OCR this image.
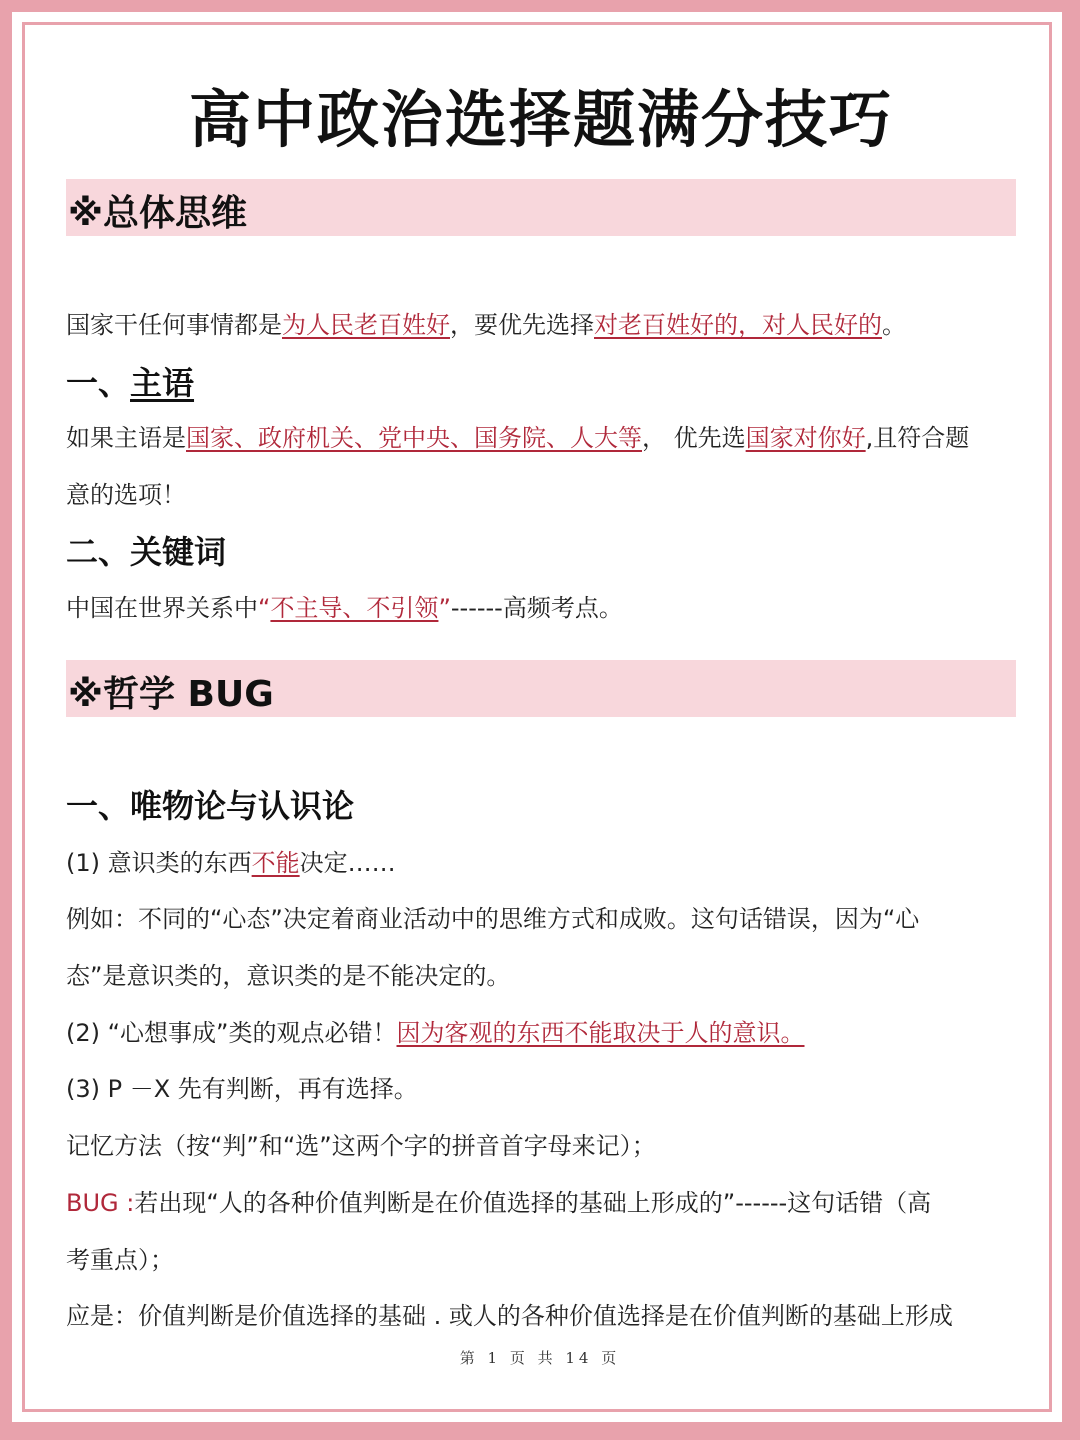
高中政治选择题满分技巧
※总体思维
国家干任何事情都是为人民老百姓好，要优先选择对老百姓好的，对人民好的。
一、主语
如果主语是国家、政府机关、党中央、国务院、人大等， 优先选国家对你好,且符合题
意的选项！
二、关键词
中国在世界关系中“不主导、不引领”------高频考点。
※哲学 BUG
一、唯物论与认识论
(1) 意识类的东西不能决定……
例如：不同的“心态”决定着商业活动中的思维方式和成败。这句话错误，因为“心
态”是意识类的，意识类的是不能决定的。
(2) “心想事成”类的观点必错！因为客观的东西不能取决于人的意识。
(3) P －X 先有判断，再有选择。
记忆方法（按“判”和“选”这两个字的拼音首字母来记）；
BUG :若出现“人的各种价值判断是在价值选择的基础上形成的”------这句话错（高
考重点）；
应是：价值判断是价值选择的基础 . 或人的各种价值选择是在价值判断的基础上形成
第 1 页 共 14 页
